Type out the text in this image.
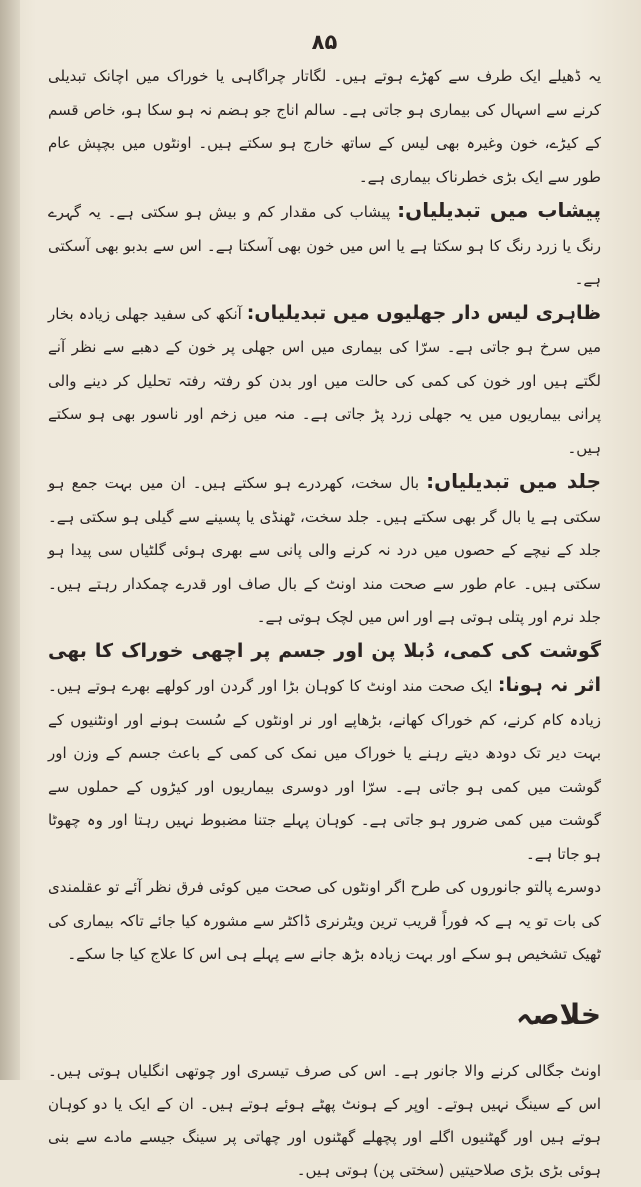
۸۵

یہ ڈھیلے ایک طرف سے کھڑے ہوتے ہیں۔ لگاتار چراگاہی یا خوراک میں اچانک تبدیلی کرنے سے اسہال کی بیماری ہو جاتی ہے۔ سالم اناج جو ہضم نہ ہو سکا ہو، خاص قسم کے کیڑے، خون وغیرہ بھی لیس کے ساتھ خارج ہو سکتے ہیں۔ اونٹوں میں بچپش عام طور سے ایک بڑی خطرناک بیماری ہے۔

پیشاب میں تبدیلیاں: پیشاب کی مقدار کم و بیش ہو سکتی ہے۔ یہ گہرے رنگ یا زرد رنگ کا ہو سکتا ہے یا اس میں خون بھی آسکتا ہے۔ اس سے بدبو بھی آسکتی ہے۔

ظاہری لیس دار جھلیوں میں تبدیلیاں: آنکھ کی سفید جھلی زیادہ بخار میں سرخ ہو جاتی ہے۔ سرّا کی بیماری میں اس جھلی پر خون کے دھبے سے نظر آنے لگتے ہیں اور خون کی کمی کی حالت میں اور بدن کو رفتہ رفتہ تحلیل کر دینے والی پرانی بیماریوں میں یہ جھلی زرد پڑ جاتی ہے۔ منہ میں زخم اور ناسور بھی ہو سکتے ہیں۔

جلد میں تبدیلیاں: بال سخت، کھردرے ہو سکتے ہیں۔ ان میں بہت جمع ہو سکتی ہے یا بال گر بھی سکتے ہیں۔ جلد سخت، ٹھنڈی یا پسینے سے گیلی ہو سکتی ہے۔ جلد کے نیچے کے حصوں میں درد نہ کرنے والی پانی سے بھری ہوئی گلٹیاں سی پیدا ہو سکتی ہیں۔ عام طور سے صحت مند اونٹ کے بال صاف اور قدرے چمکدار رہتے ہیں۔ جلد نرم اور پتلی ہوتی ہے اور اس میں لچک ہوتی ہے۔

گوشت کی کمی، دُبلا پن اور جسم پر اچھی خوراک کا بھی اثر نہ ہونا: ایک صحت مند اونٹ کا کوہان بڑا اور گردن اور کولھے بھرے ہوتے ہیں۔ زیادہ کام کرنے، کم خوراک کھانے، بڑھاپے اور نر اونٹوں کے سُست ہونے اور اونٹنیوں کے بہت دیر تک دودھ دیتے رہنے یا خوراک میں نمک کی کمی کے باعث جسم کے وزن اور گوشت میں کمی ہو جاتی ہے۔ سرّا اور دوسری بیماریوں اور کیڑوں کے حملوں سے گوشت میں کمی ضرور ہو جاتی ہے۔ کوہان پہلے جتنا مضبوط نہیں رہتا اور وہ چھوٹا ہو جاتا ہے۔

دوسرے پالتو جانوروں کی طرح اگر اونٹوں کی صحت میں کوئی فرق نظر آئے تو عقلمندی کی بات تو یہ ہے کہ فوراً قریب ترین ویٹرنری ڈاکٹر سے مشورہ کیا جائے تاکہ بیماری کی ٹھیک تشخیص ہو سکے اور بہت زیادہ بڑھ جانے سے پہلے ہی اس کا علاج کیا جا سکے۔

خلاصہ

اونٹ جگالی کرنے والا جانور ہے۔ اس کی صرف تیسری اور چوتھی انگلیاں ہوتی ہیں۔ اس کے سینگ نہیں ہوتے۔ اوپر کے ہونٹ پھٹے ہوئے ہوتے ہیں۔ ان کے ایک یا دو کوہان ہوتے ہیں اور گھٹنیوں اگلے اور پچھلے گھٹنوں اور چھاتی پر سینگ جیسے مادے سے بنی ہوئی بڑی بڑی صلاحیتیں (سختی پن) ہوتی ہیں۔
